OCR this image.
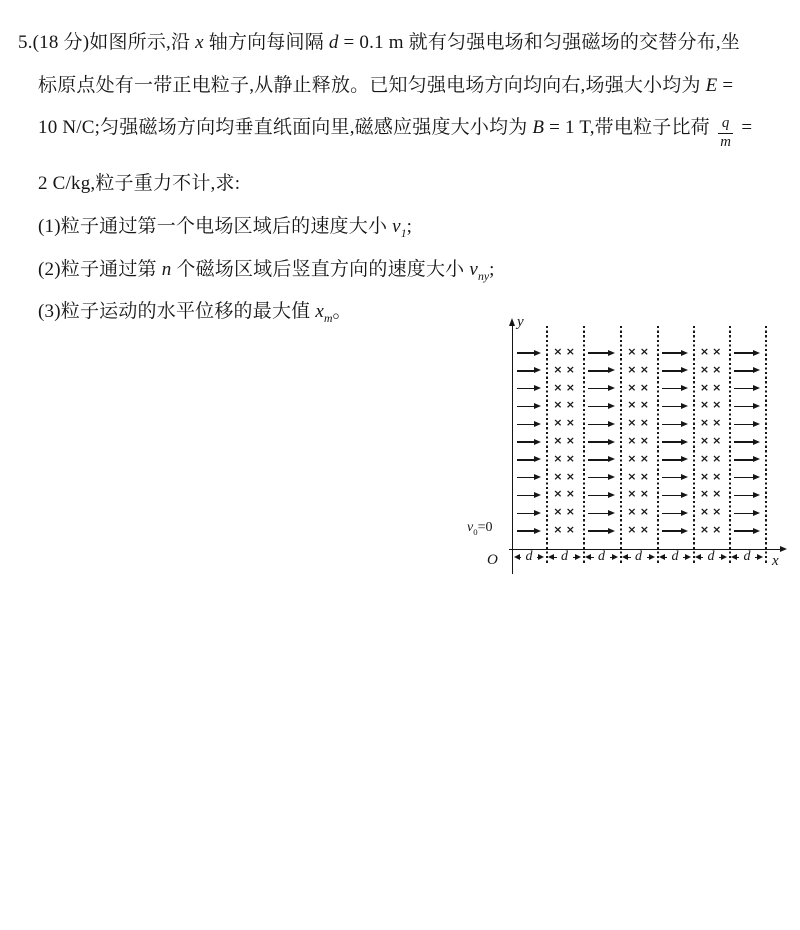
5.(18 分)如图所示,沿 x 轴方向每间隔 d = 0.1 m 就有匀强电场和匀强磁场的交替分布,坐

标原点处有一带正电粒子,从静止释放。已知匀强电场方向均向右,场强大小均为 E =

10 N/C;匀强磁场方向均垂直纸面向里,磁感应强度大小均为 B = 1 T,带电粒子比荷 $\frac{q}{m}$ =

2 C/kg,粒子重力不计,求:

(1)粒子通过第一个电场区域后的速度大小 $v_1$;

(2)粒子通过第 n 个磁场区域后竖直方向的速度大小 $v_{ny}$;

(3)粒子运动的水平位移的最大值 $x_m$。	y
x
O
$v_0=0$
× ×	× ×	× ×
× ×	× ×	× ×
× ×	× ×	× ×
× ×	× ×	× ×
× ×	× ×	× ×
× ×	× ×	× ×
× ×	× ×	× ×
× ×	× ×	× ×
× ×	× ×	× ×
× ×	× ×	× ×
× ×	× ×	× ×
d	d	d	d	d	d	d
